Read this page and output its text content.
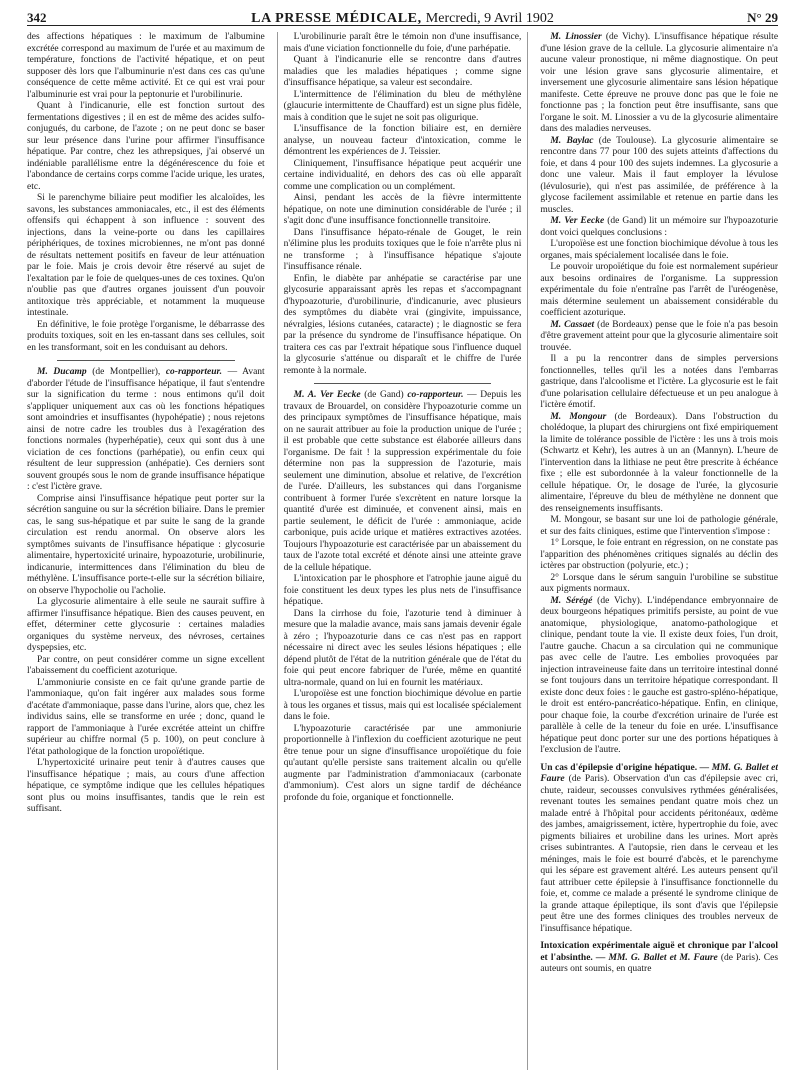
342	LA PRESSE MÉDICALE, Mercredi, 9 Avril 1902	N° 29

des affections hépatiques : le maximum de l'albumine excrétée correspond au maximum de l'urée et au maximum de température, fonctions de l'activité hépatique, et on peut supposer dès lors que l'albuminurie n'est dans ces cas qu'une conséquence de cette même activité. Et ce qui est vrai pour l'albuminurie est vrai pour la peptonurie et l'urobilinurie.

Quant à l'indicanurie, elle est fonction surtout des fermentations digestives ; il en est de même des acides sulfo-conjugués, du carbone, de l'azote ; on ne peut donc se baser sur leur présence dans l'urine pour affirmer l'insuffisance hépatique. Par contre, chez les athrepsiques, j'ai observé un indéniable parallélisme entre la dégénérescence du foie et l'abondance de certains corps comme l'acide urique, les urates, etc.

Si le parenchyme biliaire peut modifier les alcaloïdes, les savons, les substances ammoniacales, etc., il est des éléments offensifs qui échappent à son influence : souvent des injections, dans la veine-porte ou dans les capillaires périphériques, de toxines microbiennes, ne m'ont pas donné de résultats nettement positifs en faveur de leur atténuation par le foie. Mais je crois devoir être réservé au sujet de l'exaltation par le foie de quelques-unes de ces toxines. Qu'on n'oublie pas que d'autres organes jouissent d'un pouvoir antitoxique très appréciable, et notamment la muqueuse intestinale.

En définitive, le foie protège l'organisme, le débarrasse des produits toxiques, soit en les en-tassant dans ses cellules, soit en les transformant, soit en les conduisant au dehors.

M. Ducamp (de Montpellier), co-rapporteur. — Avant d'aborder l'étude de l'insuffisance hépatique, il faut s'entendre sur la signification du terme : nous entimons qu'il doit s'appliquer uniquement aux cas où les fonctions hépatiques sont amoindries et insuffisantes (hypohépatie) ; nous rejetons ainsi de notre cadre les troubles dus à l'exagération des fonctions normales (hyperhépatie), ceux qui sont dus à une viciation de ces fonctions (parhépatie), ou enfin ceux qui résultent de leur suppression (anhépatie). Ces derniers sont souvent groupés sous le nom de grande insuffisance hépatique : c'est l'ictère grave.

Comprise ainsi l'insuffisance hépatique peut porter sur la sécrétion sanguine ou sur la sécrétion biliaire. Dans le premier cas, le sang sus-hépatique et par suite le sang de la grande circulation est rendu anormal. On observe alors les symptômes suivants de l'insuffisance hépatique : glycosurie alimentaire, hypertoxicité urinaire, hypoazoturie, urobilinurie, indicanurie, intermittences dans l'élimination du bleu de méthylène. L'insuffisance porte-t-elle sur la sécrétion biliaire, on observe l'hypocholie ou l'acholie.

La glycosurie alimentaire à elle seule ne saurait suffire à affirmer l'insuffisance hépatique. Bien des causes peuvent, en effet, déterminer cette glycosurie : certaines maladies organiques du système nerveux, des névroses, certaines dyspepsies, etc.

Par contre, on peut considérer comme un signe excellent l'abaissement du coefficient azoturique.

L'ammoniurie consiste en ce fait qu'une grande partie de l'ammoniaque, qu'on fait ingérer aux malades sous forme d'acétate d'ammoniaque, passe dans l'urine, alors que, chez les individus sains, elle se transforme en urée ; donc, quand le rapport de l'ammoniaque à l'urée excrétée atteint un chiffre supérieur au chiffre normal (5 p. 100), on peut conclure à l'état pathologique de la fonction uropoïétique.

L'hypertoxicité urinaire peut tenir à d'autres causes que l'insuffisance hépatique ; mais, au cours d'une affection hépatique, ce symptôme indique que les cellules hépatiques sont plus ou moins insuffisantes, tandis que le rein est suffisant.

L'urobilinurie paraît être le témoin non d'une insuffisance, mais d'une viciation fonctionnelle du foie, d'une parhépatie.

Quant à l'indicanurie elle se rencontre dans d'autres maladies que les maladies hépatiques ; comme signe d'insuffisance hépatique, sa valeur est secondaire.

L'intermittence de l'élimination du bleu de méthylène (glaucurie intermittente de Chauffard) est un signe plus fidèle, mais à condition que le sujet ne soit pas oligurique.

L'insuffisance de la fonction biliaire est, en dernière analyse, un nouveau facteur d'intoxication, comme le démontrent les expériences de J. Teissier.

Cliniquement, l'insuffisance hépatique peut acquérir une certaine individualité, en dehors des cas où elle apparaît comme une complication ou un complément.

Ainsi, pendant les accès de la fièvre intermittente hépatique, on note une diminution considérable de l'urée ; il s'agit donc d'une insuffisance fonctionnelle transitoire.

Dans l'insuffisance hépato-rénale de Gouget, le rein n'élimine plus les produits toxiques que le foie n'arrête plus ni ne transforme ; à l'insuffisance hépatique s'ajoute l'insuffisance rénale.

Enfin, le diabète par anhépatie se caractérise par une glycosurie apparaissant après les repas et s'accompagnant d'hypoazoturie, d'urobilinurie, d'indicanurie, avec plusieurs des symptômes du diabète vrai (gingivite, impuissance, névralgies, lésions cutanées, cataracte) ; le diagnostic se fera par la présence du syndrome de l'insuffisance hépatique. On traitera ces cas par l'extrait hépatique sous l'influence duquel la glycosurie s'atténue ou disparaît et le chiffre de l'urée remonte à la normale.

M. A. Ver Eecke (de Gand) co-rapporteur. — Depuis les travaux de Brouardel, on considère l'hypoazoturie comme un des principaux symptômes de l'insuffisance hépatique, mais on ne saurait attribuer au foie la production unique de l'urée ; il est probable que cette substance est élaborée ailleurs dans l'organisme. De fait ! la suppression expérimentale du foie détermine non pas la suppression de l'azoturie, mais seulement une diminution, absolue et relative, de l'excrétion de l'urée. D'ailleurs, les substances qui dans l'organisme contribuent à former l'urée s'excrètent en nature lorsque la quantité d'urée est diminuée, et convenent ainsi, mais en partie seulement, le déficit de l'urée : ammoniaque, acide carbonique, puis acide urique et matières extractives azotées. Toujours l'hypoazoturie est caractérisée par un abaissement du taux de l'azote total excrété et dénote ainsi une atteinte grave de la cellule hépatique.

L'intoxication par le phosphore et l'atrophie jaune aiguë du foie constituent les deux types les plus nets de l'insuffisance hépatique.

Dans la cirrhose du foie, l'azoturie tend à diminuer à mesure que la maladie avance, mais sans jamais devenir égale à zéro ; l'hypoazoturie dans ce cas n'est pas en rapport nécessaire ni direct avec les seules lésions hépatiques ; elle dépend plutôt de l'état de la nutrition générale que de l'état du foie qui peut encore fabriquer de l'urée, même en quantité ultra-normale, quand on lui en fournit les matériaux.

L'uropoïèse est une fonction biochimique dévolue en partie à tous les organes et tissus, mais qui est localisée spécialement dans le foie.

L'hypoazoturie caractérisée par une ammoniurie proportionnelle à l'inflexion du coefficient azoturique ne peut être tenue pour un signe d'insuffisance uropoïétique du foie qu'autant qu'elle persiste sans traitement alcalin ou qu'elle augmente par l'administration d'ammoniacaux (carbonate d'ammonium). C'est alors un signe tardif de déchéance profonde du foie, organique et fonctionnelle.

M. Linossier (de Vichy). L'insuffisance hépatique résulte d'une lésion grave de la cellule. La glycosurie alimentaire n'a aucune valeur pronostique, ni même diagnostique. On peut voir une lésion grave sans glycosurie alimentaire, et inversement une glycosurie alimentaire sans lésion hépatique manifeste. Cette épreuve ne prouve donc pas que le foie ne fonctionne pas ; la fonction peut être insuffisante, sans que l'organe le soit. M. Linossier a vu de la glycosurie alimentaire dans des maladies nerveuses.

M. Baylac (de Toulouse). La glycosurie alimentaire se rencontre dans 77 pour 100 des sujets atteints d'affections du foie, et dans 4 pour 100 des sujets indemnes. La glycosurie a donc une valeur. Mais il faut employer la lévulose (lévulosurie), qui n'est pas assimilée, de préférence à la glycose facilement assimilable et retenue en partie dans les muscles.

M. Ver Eecke (de Gand) lit un mémoire sur l'hypoazoturie dont voici quelques conclusions :

L'uropoïèse est une fonction biochimique dévolue à tous les organes, mais spécialement localisée dans le foie.

Le pouvoir uropoïétique du foie est normalement supérieur aux besoins ordinaires de l'organisme. La suppression expérimentale du foie n'entraîne pas l'arrêt de l'uréogenèse, mais détermine seulement un abaissement considérable du coefficient azoturique.

M. Cassaet (de Bordeaux) pense que le foie n'a pas besoin d'être gravement atteint pour que la glycosurie alimentaire soit trouvée.

Il a pu la rencontrer dans de simples perversions fonctionnelles, telles qu'il les a notées dans l'embarras gastrique, dans l'alcoolisme et l'ictère. La glycosurie est le fait d'une polarisation cellulaire défectueuse et un peu analogue à l'ictère émotif.

M. Mongour (de Bordeaux). Dans l'obstruction du cholédoque, la plupart des chirurgiens ont fixé empiriquement la limite de tolérance possible de l'ictère : les uns à trois mois (Schwartz et Kehr), les autres à un an (Mannyn). L'heure de l'intervention dans la lithiase ne peut être prescrite à échéance fixe ; elle est subordonnée à la valeur fonctionnelle de la cellule hépatique. Or, le dosage de l'urée, la glycosurie alimentaire, l'épreuve du bleu de méthylène ne donnent que des renseignements insuffisants.

M. Mongour, se basant sur une loi de pathologie générale, et sur des faits cliniques, estime que l'intervention s'impose :

1° Lorsque, le foie entrant en régression, on ne constate pas l'apparition des phénomènes critiques signalés au déclin des ictères par obstruction (polyurie, etc.) ;

2° Lorsque dans le sérum sanguin l'urobiline se substitue aux pigments normaux.

M. Sérégé (de Vichy). L'indépendance embryonnaire de deux bourgeons hépatiques primitifs persiste, au point de vue anatomique, physiologique, anatomo-pathologique et clinique, pendant toute la vie. Il existe deux foies, l'un droit, l'autre gauche. Chacun a sa circulation qui ne communique pas avec celle de l'autre. Les embolies provoquées par injection intraveineuse faite dans un territoire intestinal donné se font toujours dans un territoire hépatique correspondant. Il existe donc deux foies : le gauche est gastro-spléno-hépatique, le droit est entéro-pancréatico-hépatique. Enfin, en clinique, pour chaque foie, la courbe d'excrétion urinaire de l'urée est parallèle à celle de la teneur du foie en urée. L'insuffisance hépatique peut donc porter sur une des portions hépatiques à l'exclusion de l'autre.

Un cas d'épilepsie d'origine hépatique. — MM. G. Ballet et Faure (de Paris). Observation d'un cas d'épilepsie avec cri, chute, raideur, secousses convulsives rythmées généralisées, revenant toutes les semaines pendant quatre mois chez un malade entré à l'hôpital pour accidents péritonéaux, œdème des jambes, amaigrissement, ictère, hypertrophie du foie, avec pigments biliaires et urobiline dans les urines. Mort après crises subintrantes. A l'autopsie, rien dans le cerveau et les méninges, mais le foie est bourré d'abcès, et le parenchyme qui les sépare est gravement altéré. Les auteurs pensent qu'il faut attribuer cette épilepsie à l'insuffisance fonctionnelle du foie, et, comme ce malade a présenté le syndrome clinique de la grande attaque épileptique, ils sont d'avis que l'épilepsie peut être une des formes cliniques des troubles nerveux de l'insuffisance hépatique.

Intoxication expérimentale aiguë et chronique par l'alcool et l'absinthe. — MM. G. Ballet et M. Faure (de Paris). Ces auteurs ont soumis, en quatre
